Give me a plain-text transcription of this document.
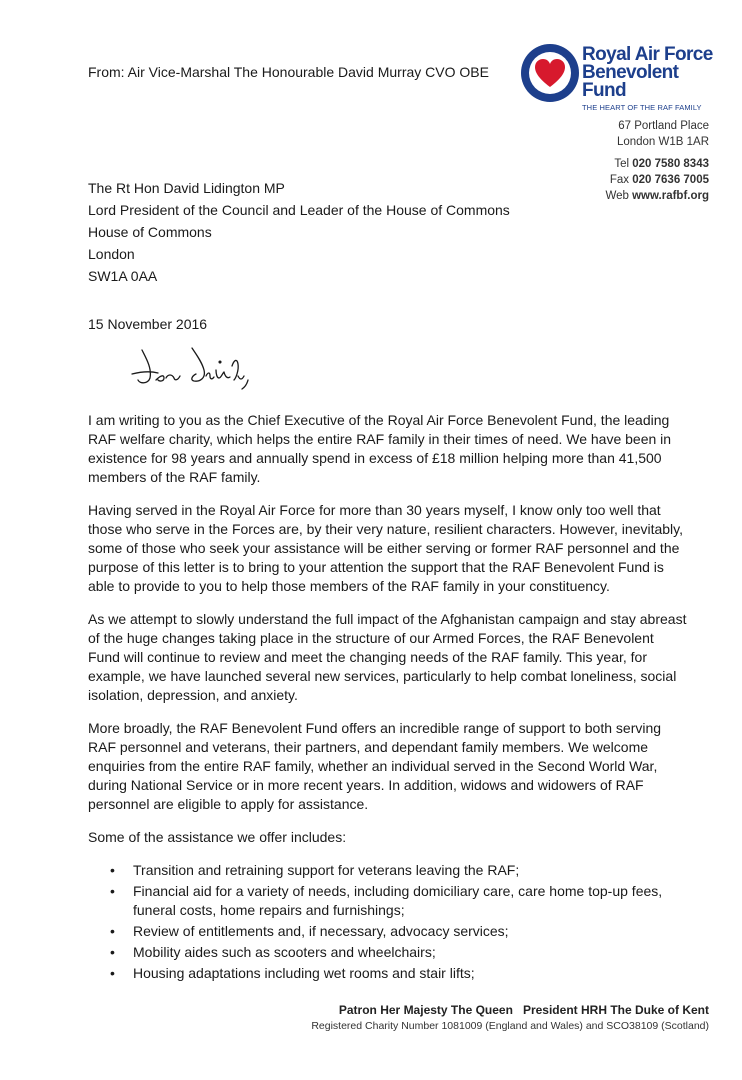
From: Air Vice-Marshal The Honourable David Murray CVO OBE
Royal Air Force
Benevolent Fund
THE HEART OF THE RAF FAMILY
67 Portland Place
London W1B 1AR
Tel 020 7580 8343
Fax 020 7636 7005
Web www.rafbf.org
The Rt Hon David Lidington MP
Lord President of the Council and Leader of the House of Commons
House of Commons
London
SW1A 0AA
15 November 2016

I am writing to you as the Chief Executive of the Royal Air Force Benevolent Fund, the leading RAF welfare charity, which helps the entire RAF family in their times of need. We have been in existence for 98 years and annually spend in excess of £18 million helping more than 41,500 members of the RAF family.

Having served in the Royal Air Force for more than 30 years myself, I know only too well that those who serve in the Forces are, by their very nature, resilient characters. However, inevitably, some of those who seek your assistance will be either serving or former RAF personnel and the purpose of this letter is to bring to your attention the support that the RAF Benevolent Fund is able to provide to you to help those members of the RAF family in your constituency.

As we attempt to slowly understand the full impact of the Afghanistan campaign and stay abreast of the huge changes taking place in the structure of our Armed Forces, the RAF Benevolent Fund will continue to review and meet the changing needs of the RAF family. This year, for example, we have launched several new services, particularly to help combat loneliness, social isolation, depression, and anxiety.

More broadly, the RAF Benevolent Fund offers an incredible range of support to both serving RAF personnel and veterans, their partners, and dependant family members. We welcome enquiries from the entire RAF family, whether an individual served in the Second World War, during National Service or in more recent years. In addition, widows and widowers of RAF personnel are eligible to apply for assistance.

Some of the assistance we offer includes:

• Transition and retraining support for veterans leaving the RAF;
• Financial aid for a variety of needs, including domiciliary care, care home top-up fees, funeral costs, home repairs and furnishings;
• Review of entitlements and, if necessary, advocacy services;
• Mobility aides such as scooters and wheelchairs;
• Housing adaptations including wet rooms and stair lifts;
Patron Her Majesty The Queen President HRH The Duke of Kent
Registered Charity Number 1081009 (England and Wales) and SCO38109 (Scotland)
